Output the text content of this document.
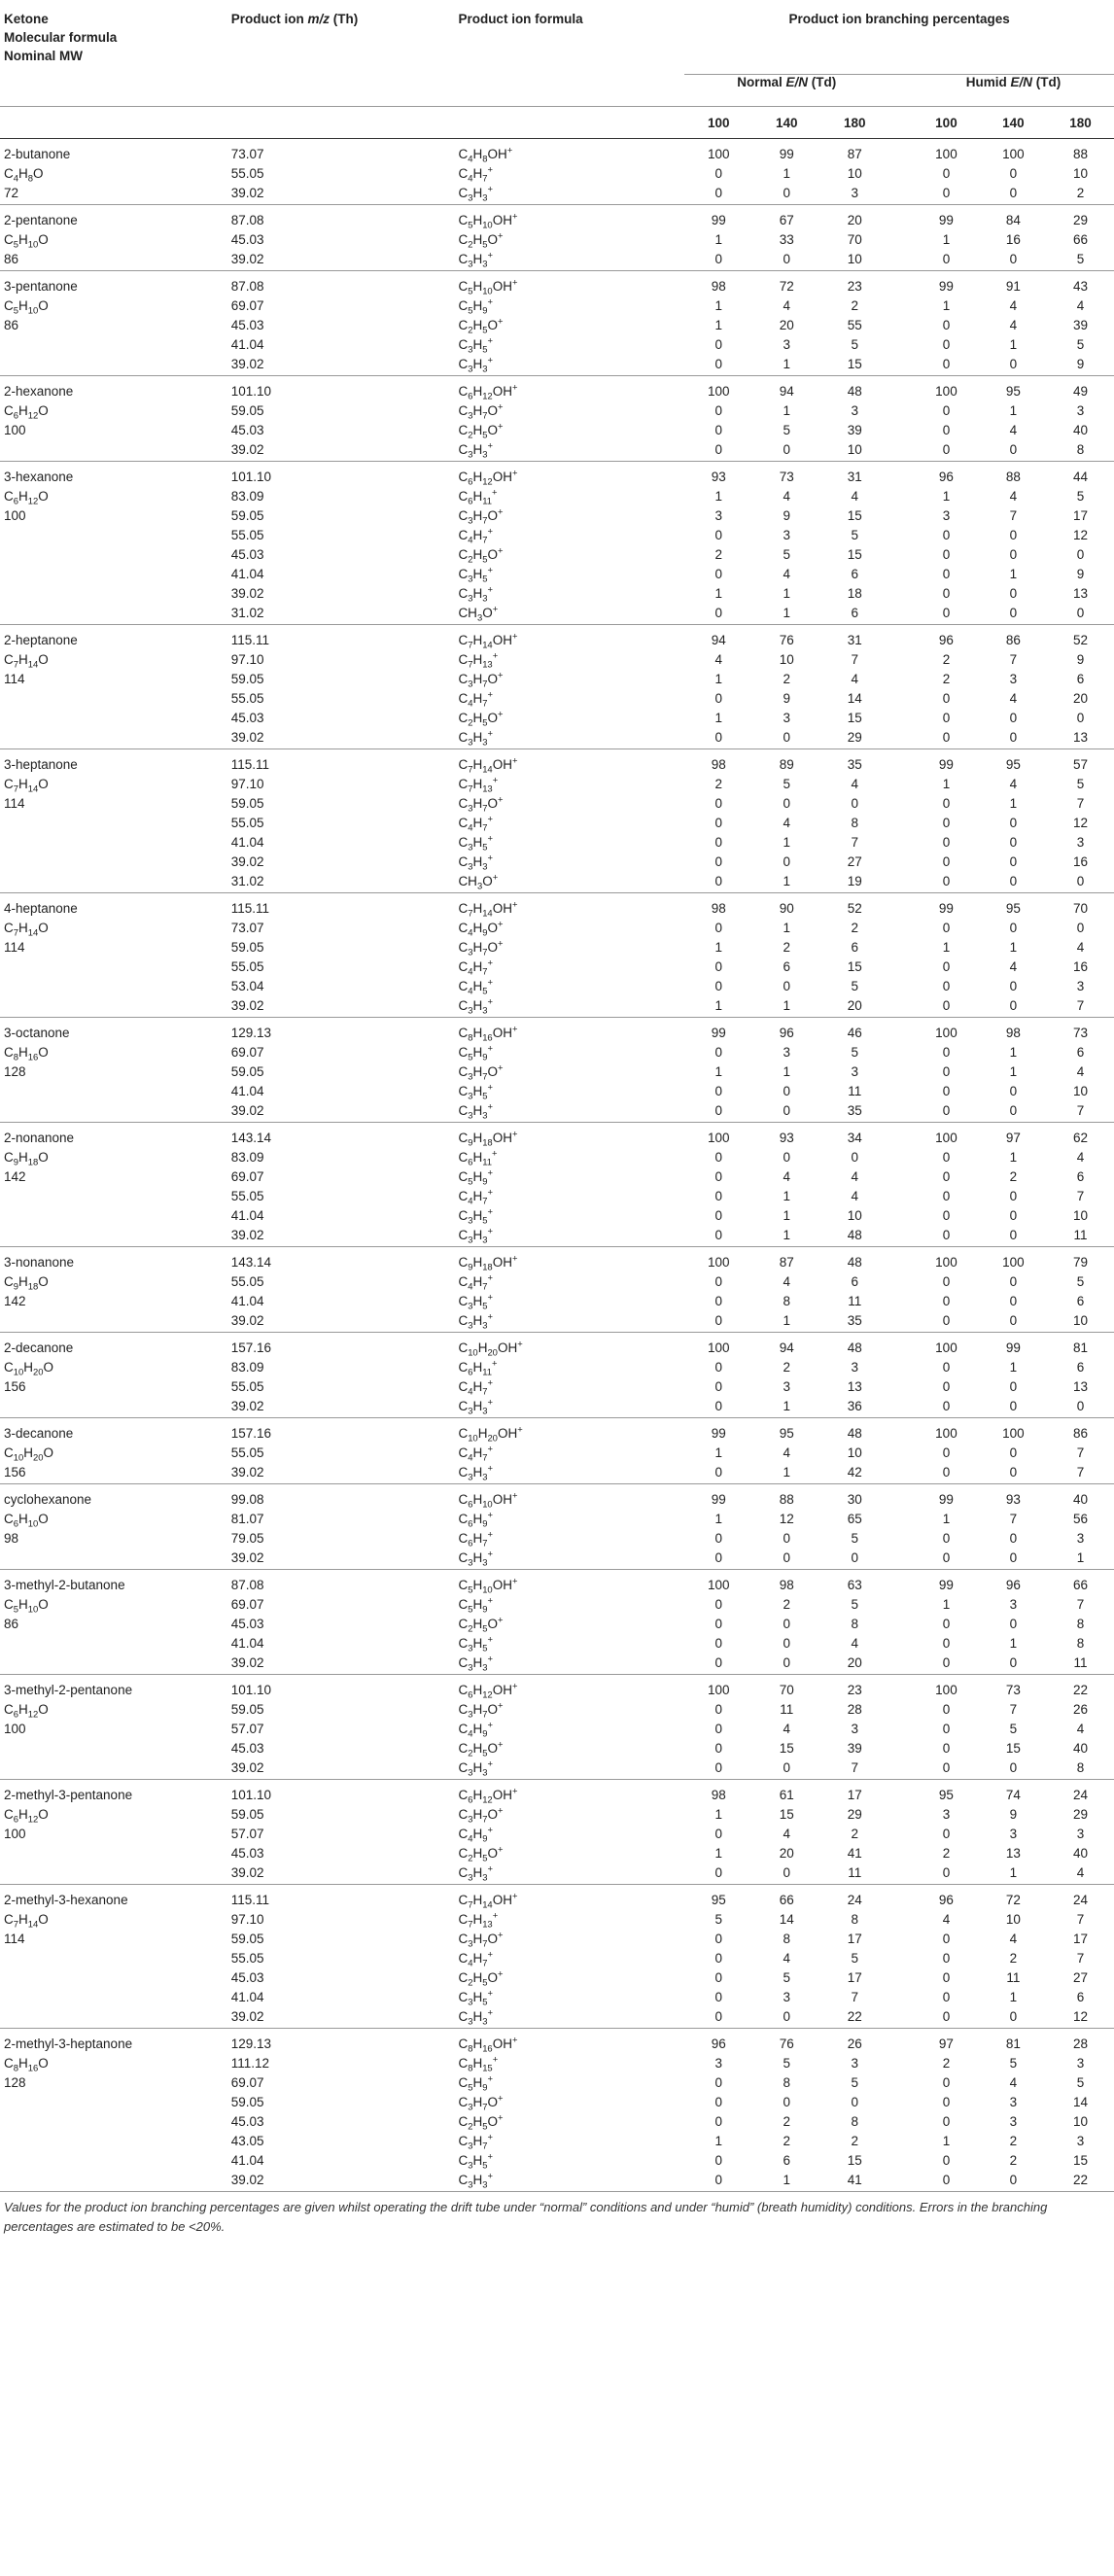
Ketone
Molecular formula
Nominal MW	Product ion m/z (Th)	Product ion formula	Product ion branching percentages						
			Normal E/N (Td)				Humid E/N (Td)		
			100	140	180		100	140	180
2-butanone	73.07	$C_4H_8OH^+$	100	99	87		100	100	88
$C_4H_8O$	55.05	$C_4H_7^+$	0	1	10		0	0	10
72	39.02	$C_3H_3^+$	0	0	3		0	0	2
2-pentanone	87.08	$C_5H_{10}OH^+$	99	67	20		99	84	29
$C_5H_{10}O$	45.03	$C_2H_5O^+$	1	33	70		1	16	66
86	39.02	$C_3H_3^+$	0	0	10		0	0	5
3-pentanone	87.08	$C_5H_{10}OH^+$	98	72	23		99	91	43
$C_5H_{10}O$	69.07	$C_5H_9^+$	1	4	2		1	4	4
86	45.03	$C_2H_5O^+$	1	20	55		0	4	39
	41.04	$C_3H_5^+$	0	3	5		0	1	5
	39.02	$C_3H_3^+$	0	1	15		0	0	9
2-hexanone	101.10	$C_6H_{12}OH^+$	100	94	48		100	95	49
$C_6H_{12}O$	59.05	$C_3H_7O^+$	0	1	3		0	1	3
100	45.03	$C_2H_5O^+$	0	5	39		0	4	40
	39.02	$C_3H_3^+$	0	0	10		0	0	8
3-hexanone	101.10	$C_6H_{12}OH^+$	93	73	31		96	88	44
$C_6H_{12}O$	83.09	$C_6H_{11}^+$	1	4	4		1	4	5
100	59.05	$C_3H_7O^+$	3	9	15		3	7	17
	55.05	$C_4H_7^+$	0	3	5		0	0	12
	45.03	$C_2H_5O^+$	2	5	15		0	0	0
	41.04	$C_3H_5^+$	0	4	6		0	1	9
	39.02	$C_3H_3^+$	1	1	18		0	0	13
	31.02	$CH_3O^+$	0	1	6		0	0	0
2-heptanone	115.11	$C_7H_{14}OH^+$	94	76	31		96	86	52
$C_7H_{14}O$	97.10	$C_7H_{13}^+$	4	10	7		2	7	9
114	59.05	$C_3H_7O^+$	1	2	4		2	3	6
	55.05	$C_4H_7^+$	0	9	14		0	4	20
	45.03	$C_2H_5O^+$	1	3	15		0	0	0
	39.02	$C_3H_3^+$	0	0	29		0	0	13
3-heptanone	115.11	$C_7H_{14}OH^+$	98	89	35		99	95	57
$C_7H_{14}O$	97.10	$C_7H_{13}^+$	2	5	4		1	4	5
114	59.05	$C_3H_7O^+$	0	0	0		0	1	7
	55.05	$C_4H_7^+$	0	4	8		0	0	12
	41.04	$C_3H_5^+$	0	1	7		0	0	3
	39.02	$C_3H_3^+$	0	0	27		0	0	16
	31.02	$CH_3O^+$	0	1	19		0	0	0
4-heptanone	115.11	$C_7H_{14}OH^+$	98	90	52		99	95	70
$C_7H_{14}O$	73.07	$C_4H_9O^+$	0	1	2		0	0	0
114	59.05	$C_3H_7O^+$	1	2	6		1	1	4
	55.05	$C_4H_7^+$	0	6	15		0	4	16
	53.04	$C_4H_5^+$	0	0	5		0	0	3
	39.02	$C_3H_3^+$	1	1	20		0	0	7
3-octanone	129.13	$C_8H_{16}OH^+$	99	96	46		100	98	73
$C_8H_{16}O$	69.07	$C_5H_9^+$	0	3	5		0	1	6
128	59.05	$C_3H_7O^+$	1	1	3		0	1	4
	41.04	$C_3H_5^+$	0	0	11		0	0	10
	39.02	$C_3H_3^+$	0	0	35		0	0	7
2-nonanone	143.14	$C_9H_{18}OH^+$	100	93	34		100	97	62
$C_9H_{18}O$	83.09	$C_6H_{11}^+$	0	0	0		0	1	4
142	69.07	$C_5H_9^+$	0	4	4		0	2	6
	55.05	$C_4H_7^+$	0	1	4		0	0	7
	41.04	$C_3H_5^+$	0	1	10		0	0	10
	39.02	$C_3H_3^+$	0	1	48		0	0	11
3-nonanone	143.14	$C_9H_{18}OH^+$	100	87	48		100	100	79
$C_9H_{18}O$	55.05	$C_4H_7^+$	0	4	6		0	0	5
142	41.04	$C_3H_5^+$	0	8	11		0	0	6
	39.02	$C_3H_3^+$	0	1	35		0	0	10
2-decanone	157.16	$C_{10}H_{20}OH^+$	100	94	48		100	99	81
$C_{10}H_{20}O$	83.09	$C_6H_{11}^+$	0	2	3		0	1	6
156	55.05	$C_4H_7^+$	0	3	13		0	0	13
	39.02	$C_3H_3^+$	0	1	36		0	0	0
3-decanone	157.16	$C_{10}H_{20}OH^+$	99	95	48		100	100	86
$C_{10}H_{20}O$	55.05	$C_4H_7^+$	1	4	10		0	0	7
156	39.02	$C_3H_3^+$	0	1	42		0	0	7
cyclohexanone	99.08	$C_6H_{10}OH^+$	99	88	30		99	93	40
$C_6H_{10}O$	81.07	$C_6H_9^+$	1	12	65		1	7	56
98	79.05	$C_6H_7^+$	0	0	5		0	0	3
	39.02	$C_3H_3^+$	0	0	0		0	0	1
3-methyl-2-butanone	87.08	$C_5H_{10}OH^+$	100	98	63		99	96	66
$C_5H_{10}O$	69.07	$C_5H_9^+$	0	2	5		1	3	7
86	45.03	$C_2H_5O^+$	0	0	8		0	0	8
	41.04	$C_3H_5^+$	0	0	4		0	1	8
	39.02	$C_3H_3^+$	0	0	20		0	0	11
3-methyl-2-pentanone	101.10	$C_6H_{12}OH^+$	100	70	23		100	73	22
$C_6H_{12}O$	59.05	$C_3H_7O^+$	0	11	28		0	7	26
100	57.07	$C_4H_9^+$	0	4	3		0	5	4
	45.03	$C_2H_5O^+$	0	15	39		0	15	40
	39.02	$C_3H_3^+$	0	0	7		0	0	8
2-methyl-3-pentanone	101.10	$C_6H_{12}OH^+$	98	61	17		95	74	24
$C_6H_{12}O$	59.05	$C_3H_7O^+$	1	15	29		3	9	29
100	57.07	$C_4H_9^+$	0	4	2		0	3	3
	45.03	$C_2H_5O^+$	1	20	41		2	13	40
	39.02	$C_3H_3^+$	0	0	11		0	1	4
2-methyl-3-hexanone	115.11	$C_7H_{14}OH^+$	95	66	24		96	72	24
$C_7H_{14}O$	97.10	$C_7H_{13}^+$	5	14	8		4	10	7
114	59.05	$C_3H_7O^+$	0	8	17		0	4	17
	55.05	$C_4H_7^+$	0	4	5		0	2	7
	45.03	$C_2H_5O^+$	0	5	17		0	11	27
	41.04	$C_3H_5^+$	0	3	7		0	1	6
	39.02	$C_3H_3^+$	0	0	22		0	0	12
2-methyl-3-heptanone	129.13	$C_8H_{16}OH^+$	96	76	26		97	81	28
$C_8H_{16}O$	111.12	$C_8H_{15}^+$	3	5	3		2	5	3
128	69.07	$C_5H_9^+$	0	8	5		0	4	5
	59.05	$C_3H_7O^+$	0	0	0		0	3	14
	45.03	$C_2H_5O^+$	0	2	8		0	3	10
	43.05	$C_3H_7^+$	1	2	2		1	2	3
	41.04	$C_3H_5^+$	0	6	15		0	2	15
	39.02	$C_3H_3^+$	0	1	41		0	0	22
Values for the product ion branching percentages are given whilst operating the drift tube under “normal” conditions and under “humid” (breath humidity) conditions. Errors in the branching percentages are estimated to be <20%.
